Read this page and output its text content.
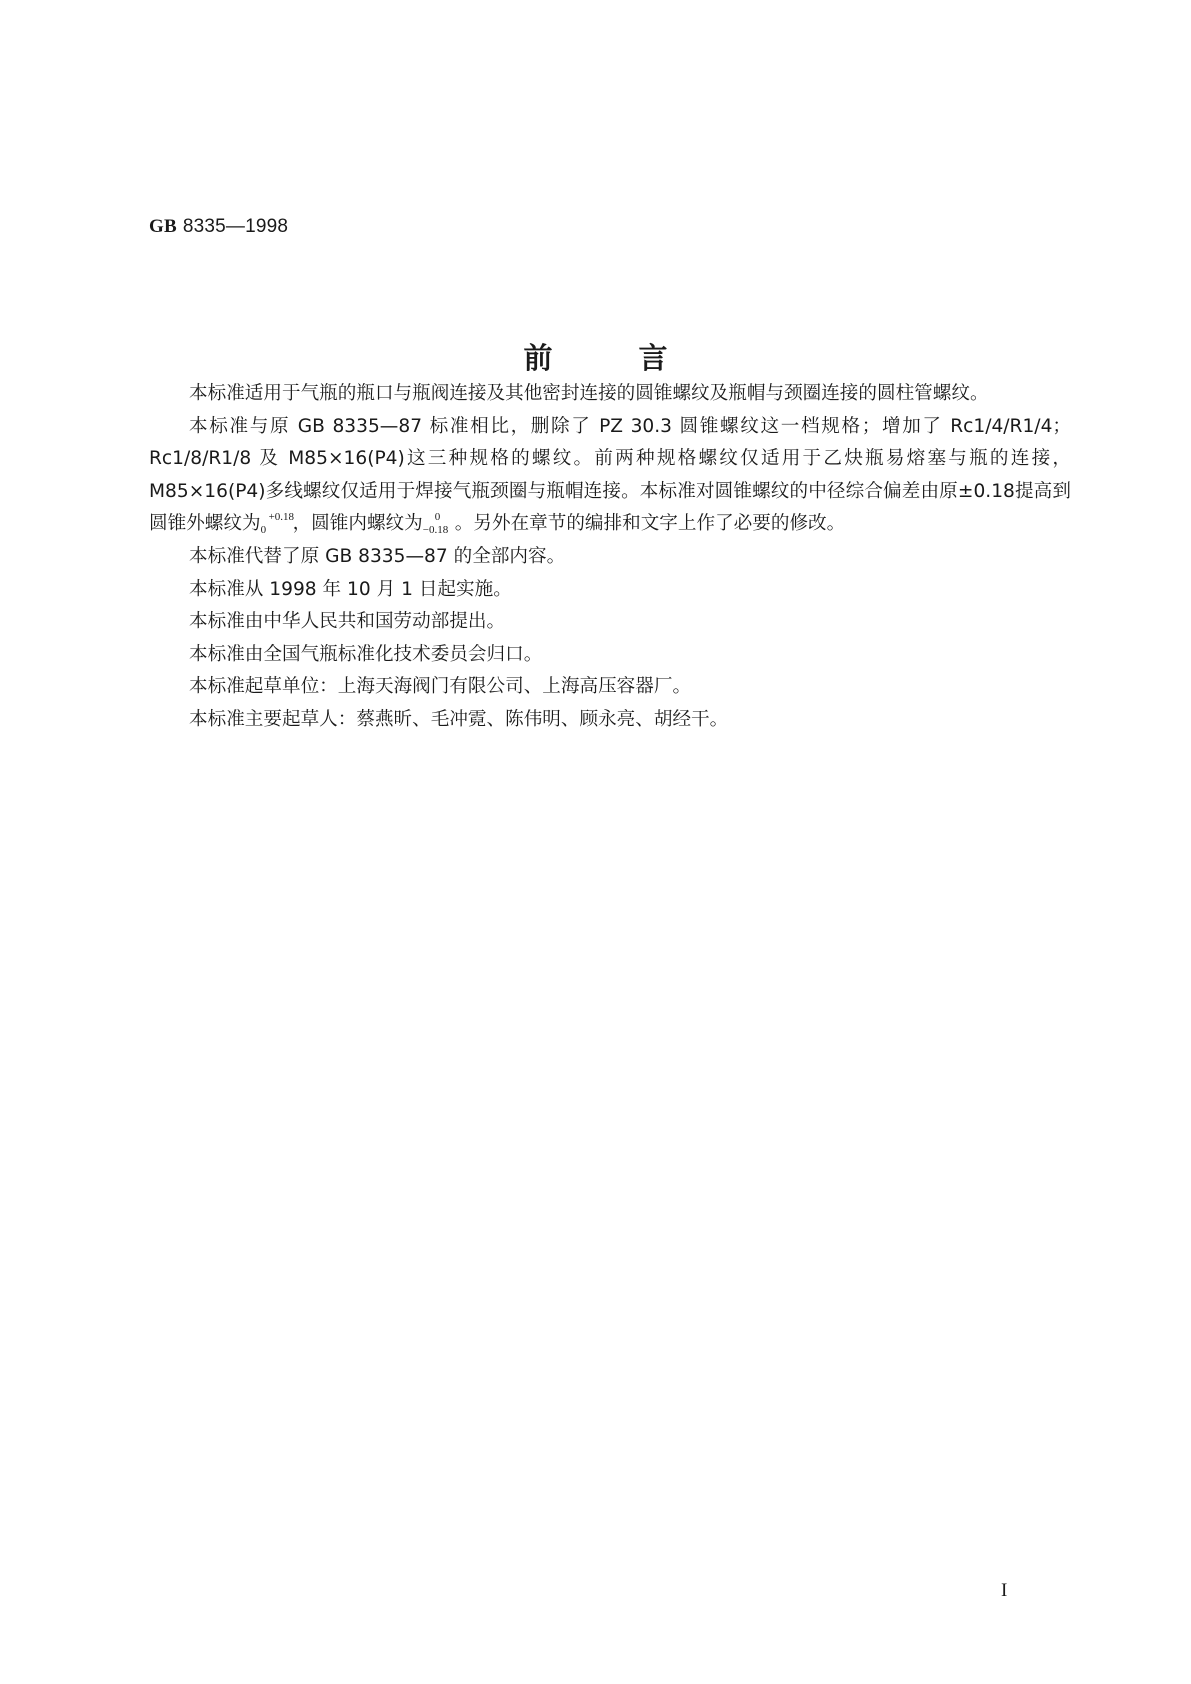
GB 8335—1998
前	言

本标准适用于气瓶的瓶口与瓶阀连接及其他密封连接的圆锥螺纹及瓶帽与颈圈连接的圆柱管螺纹。

本标准与原 GB 8335—87 标准相比，删除了 PZ 30.3 圆锥螺纹这一档规格；增加了 Rc1/4/R1/4；Rc1/8/R1/8 及 M85×16(P4)这三种规格的螺纹。前两种规格螺纹仅适用于乙炔瓶易熔塞与瓶的连接，M85×16(P4)多线螺纹仅适用于焊接气瓶颈圈与瓶帽连接。本标准对圆锥螺纹的中径综合偏差由原±0.18提高到圆锥外螺纹为 +0.18
0 ，圆锥内螺纹为 0
−0.18 。另外在章节的编排和文字上作了必要的修改。

本标准代替了原 GB 8335—87 的全部内容。

本标准从 1998 年 10 月 1 日起实施。

本标准由中华人民共和国劳动部提出。

本标准由全国气瓶标准化技术委员会归口。

本标准起草单位：上海天海阀门有限公司、上海高压容器厂。

本标准主要起草人：蔡燕昕、毛冲霓、陈伟明、顾永亮、胡经干。

I
